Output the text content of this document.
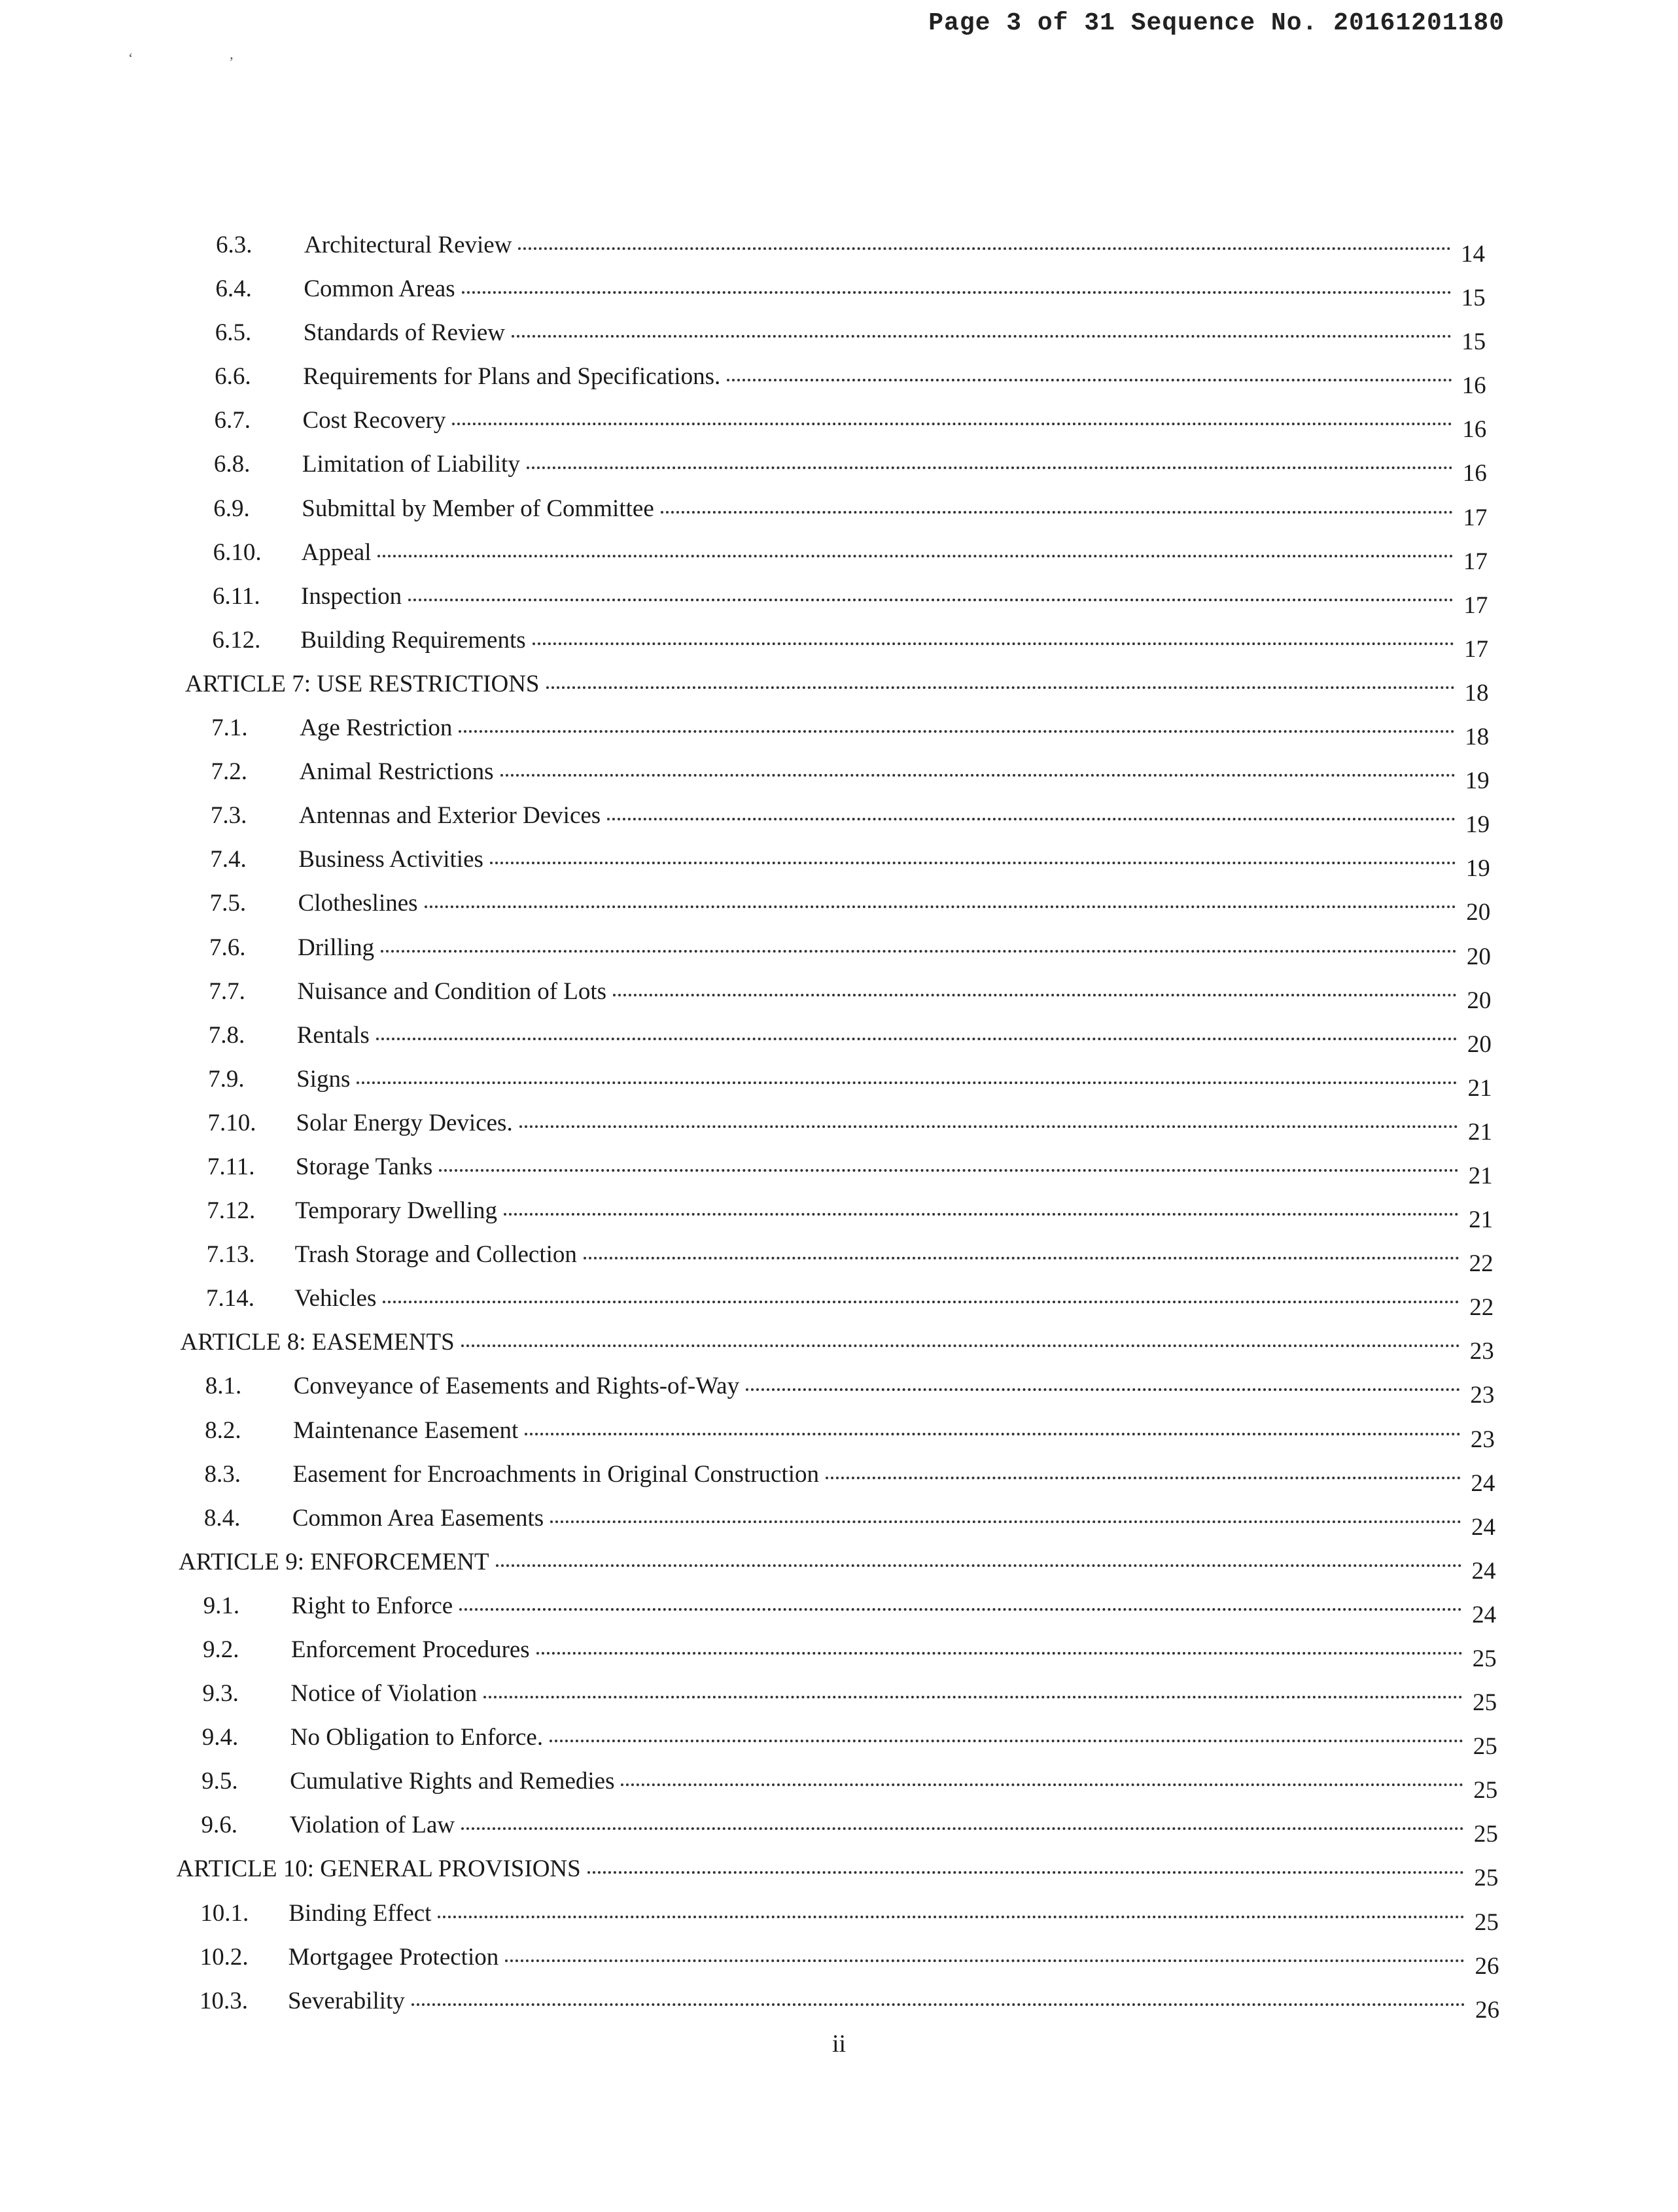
Page 3 of 31 Sequence No. 20161201180
‘	’
6.3. Architectural Review	14
6.4. Common Areas	15
6.5. Standards of Review	15
6.6. Requirements for Plans and Specifications.	16
6.7. Cost Recovery	16
6.8. Limitation of Liability	16
6.9. Submittal by Member of Committee	17
6.10. Appeal	17
6.11. Inspection	17
6.12. Building Requirements	17
ARTICLE 7: USE RESTRICTIONS	18
7.1. Age Restriction	18
7.2. Animal Restrictions	19
7.3. Antennas and Exterior Devices	19
7.4. Business Activities	19
7.5. Clotheslines	20
7.6. Drilling	20
7.7. Nuisance and Condition of Lots	20
7.8. Rentals	20
7.9. Signs	21
7.10. Solar Energy Devices.	21
7.11. Storage Tanks	21
7.12. Temporary Dwelling	21
7.13. Trash Storage and Collection	22
7.14. Vehicles	22
ARTICLE 8: EASEMENTS	23
8.1. Conveyance of Easements and Rights-of-Way	23
8.2. Maintenance Easement	23
8.3. Easement for Encroachments in Original Construction	24
8.4. Common Area Easements	24
ARTICLE 9: ENFORCEMENT	24
9.1. Right to Enforce	24
9.2. Enforcement Procedures	25
9.3. Notice of Violation	25
9.4. No Obligation to Enforce.	25
9.5. Cumulative Rights and Remedies	25
9.6. Violation of Law	25
ARTICLE 10: GENERAL PROVISIONS	25
10.1. Binding Effect	25
10.2. Mortgagee Protection	26
10.3. Severability	26
ii
